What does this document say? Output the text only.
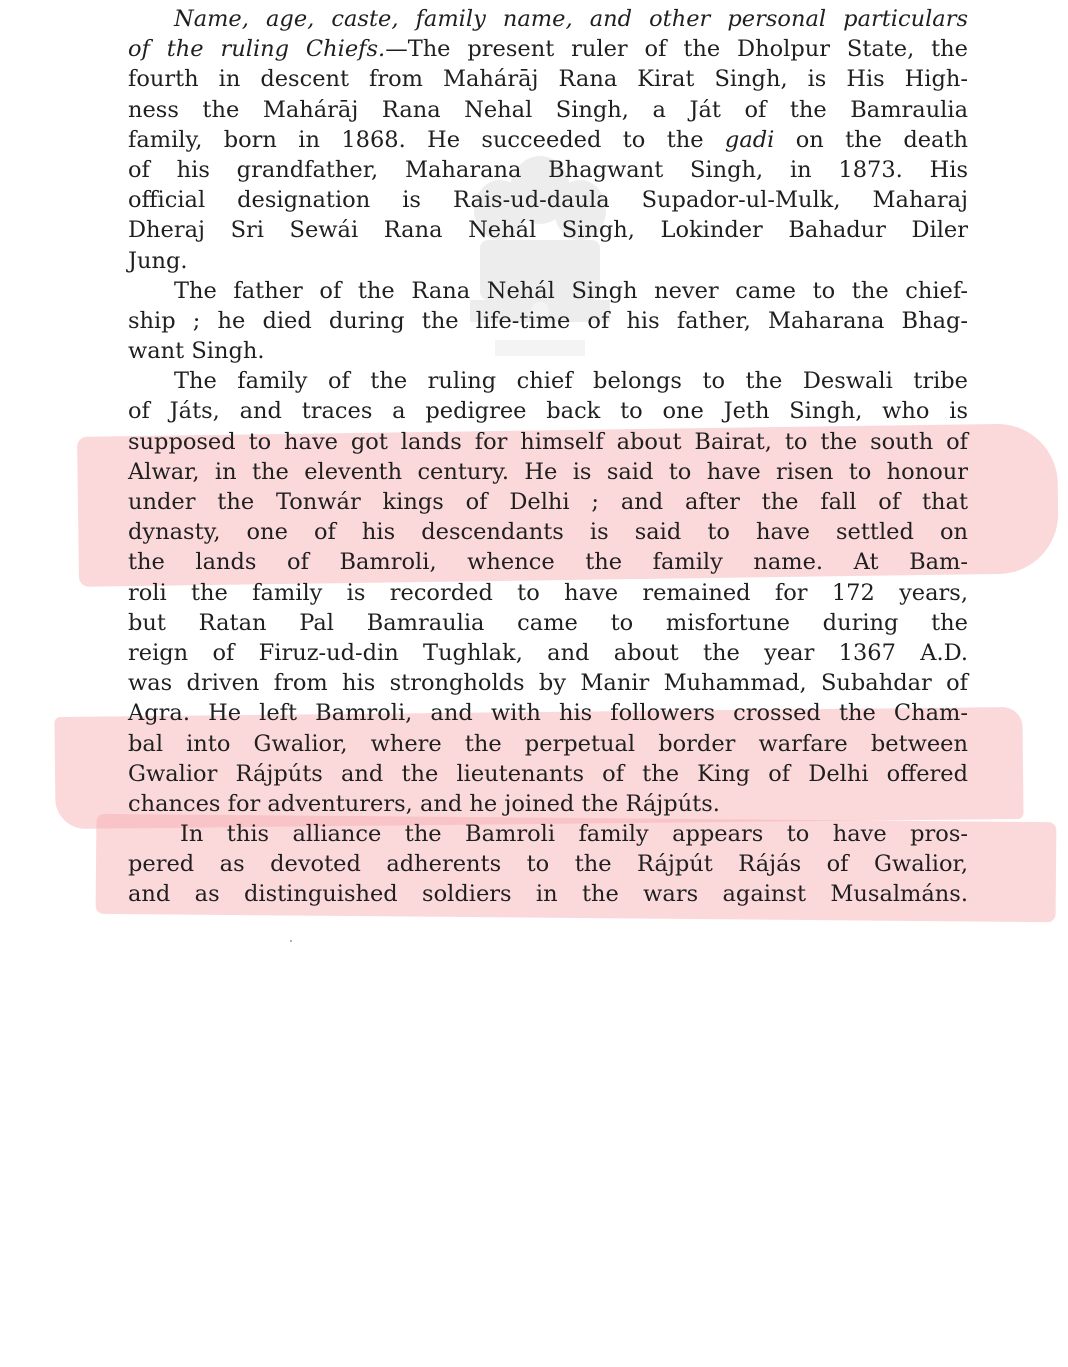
Name, age, caste, family name, and other personal particulars
of the ruling Chiefs.—The present ruler of the Dholpur State, the
fourth in descent from Mahárāj Rana Kirat Singh, is His High-
ness the Mahárāj Rana Nehal Singh, a Ját of the Bamraulia
family, born in 1868. He succeeded to the gadi on the death
of his grandfather, Maharana Bhagwant Singh, in 1873. His
official designation is Rais-ud-daula Supador-ul-Mulk, Maharaj
Dheraj Sri Sewái Rana Nehál Singh, Lokinder Bahadur Diler
Jung.
The father of the Rana Nehál Singh never came to the chief-
ship ; he died during the life-time of his father, Maharana Bhag-
want Singh.
The family of the ruling chief belongs to the Deswali tribe
of Játs, and traces a pedigree back to one Jeth Singh, who is
supposed to have got lands for himself about Bairat, to the south of
Alwar, in the eleventh century. He is said to have risen to honour
under the Tonwár kings of Delhi ; and after the fall of that
dynasty, one of his descendants is said to have settled on
the lands of Bamroli, whence the family name. At Bam-
roli the family is recorded to have remained for 172 years,
but Ratan Pal Bamraulia came to misfortune during the
reign of Firuz-ud-din Tughlak, and about the year 1367 A.D.
was driven from his strongholds by Manir Muhammad, Subahdar of
Agra. He left Bamroli, and with his followers crossed the Cham-
bal into Gwalior, where the perpetual border warfare between
Gwalior Rájpúts and the lieutenants of the King of Delhi offered
chances for adventurers, and he joined the Rájpúts.
In this alliance the Bamroli family appears to have pros-
pered as devoted adherents to the Rájpút Rájás of Gwalior,
and as distinguished soldiers in the wars against Musalmáns.
